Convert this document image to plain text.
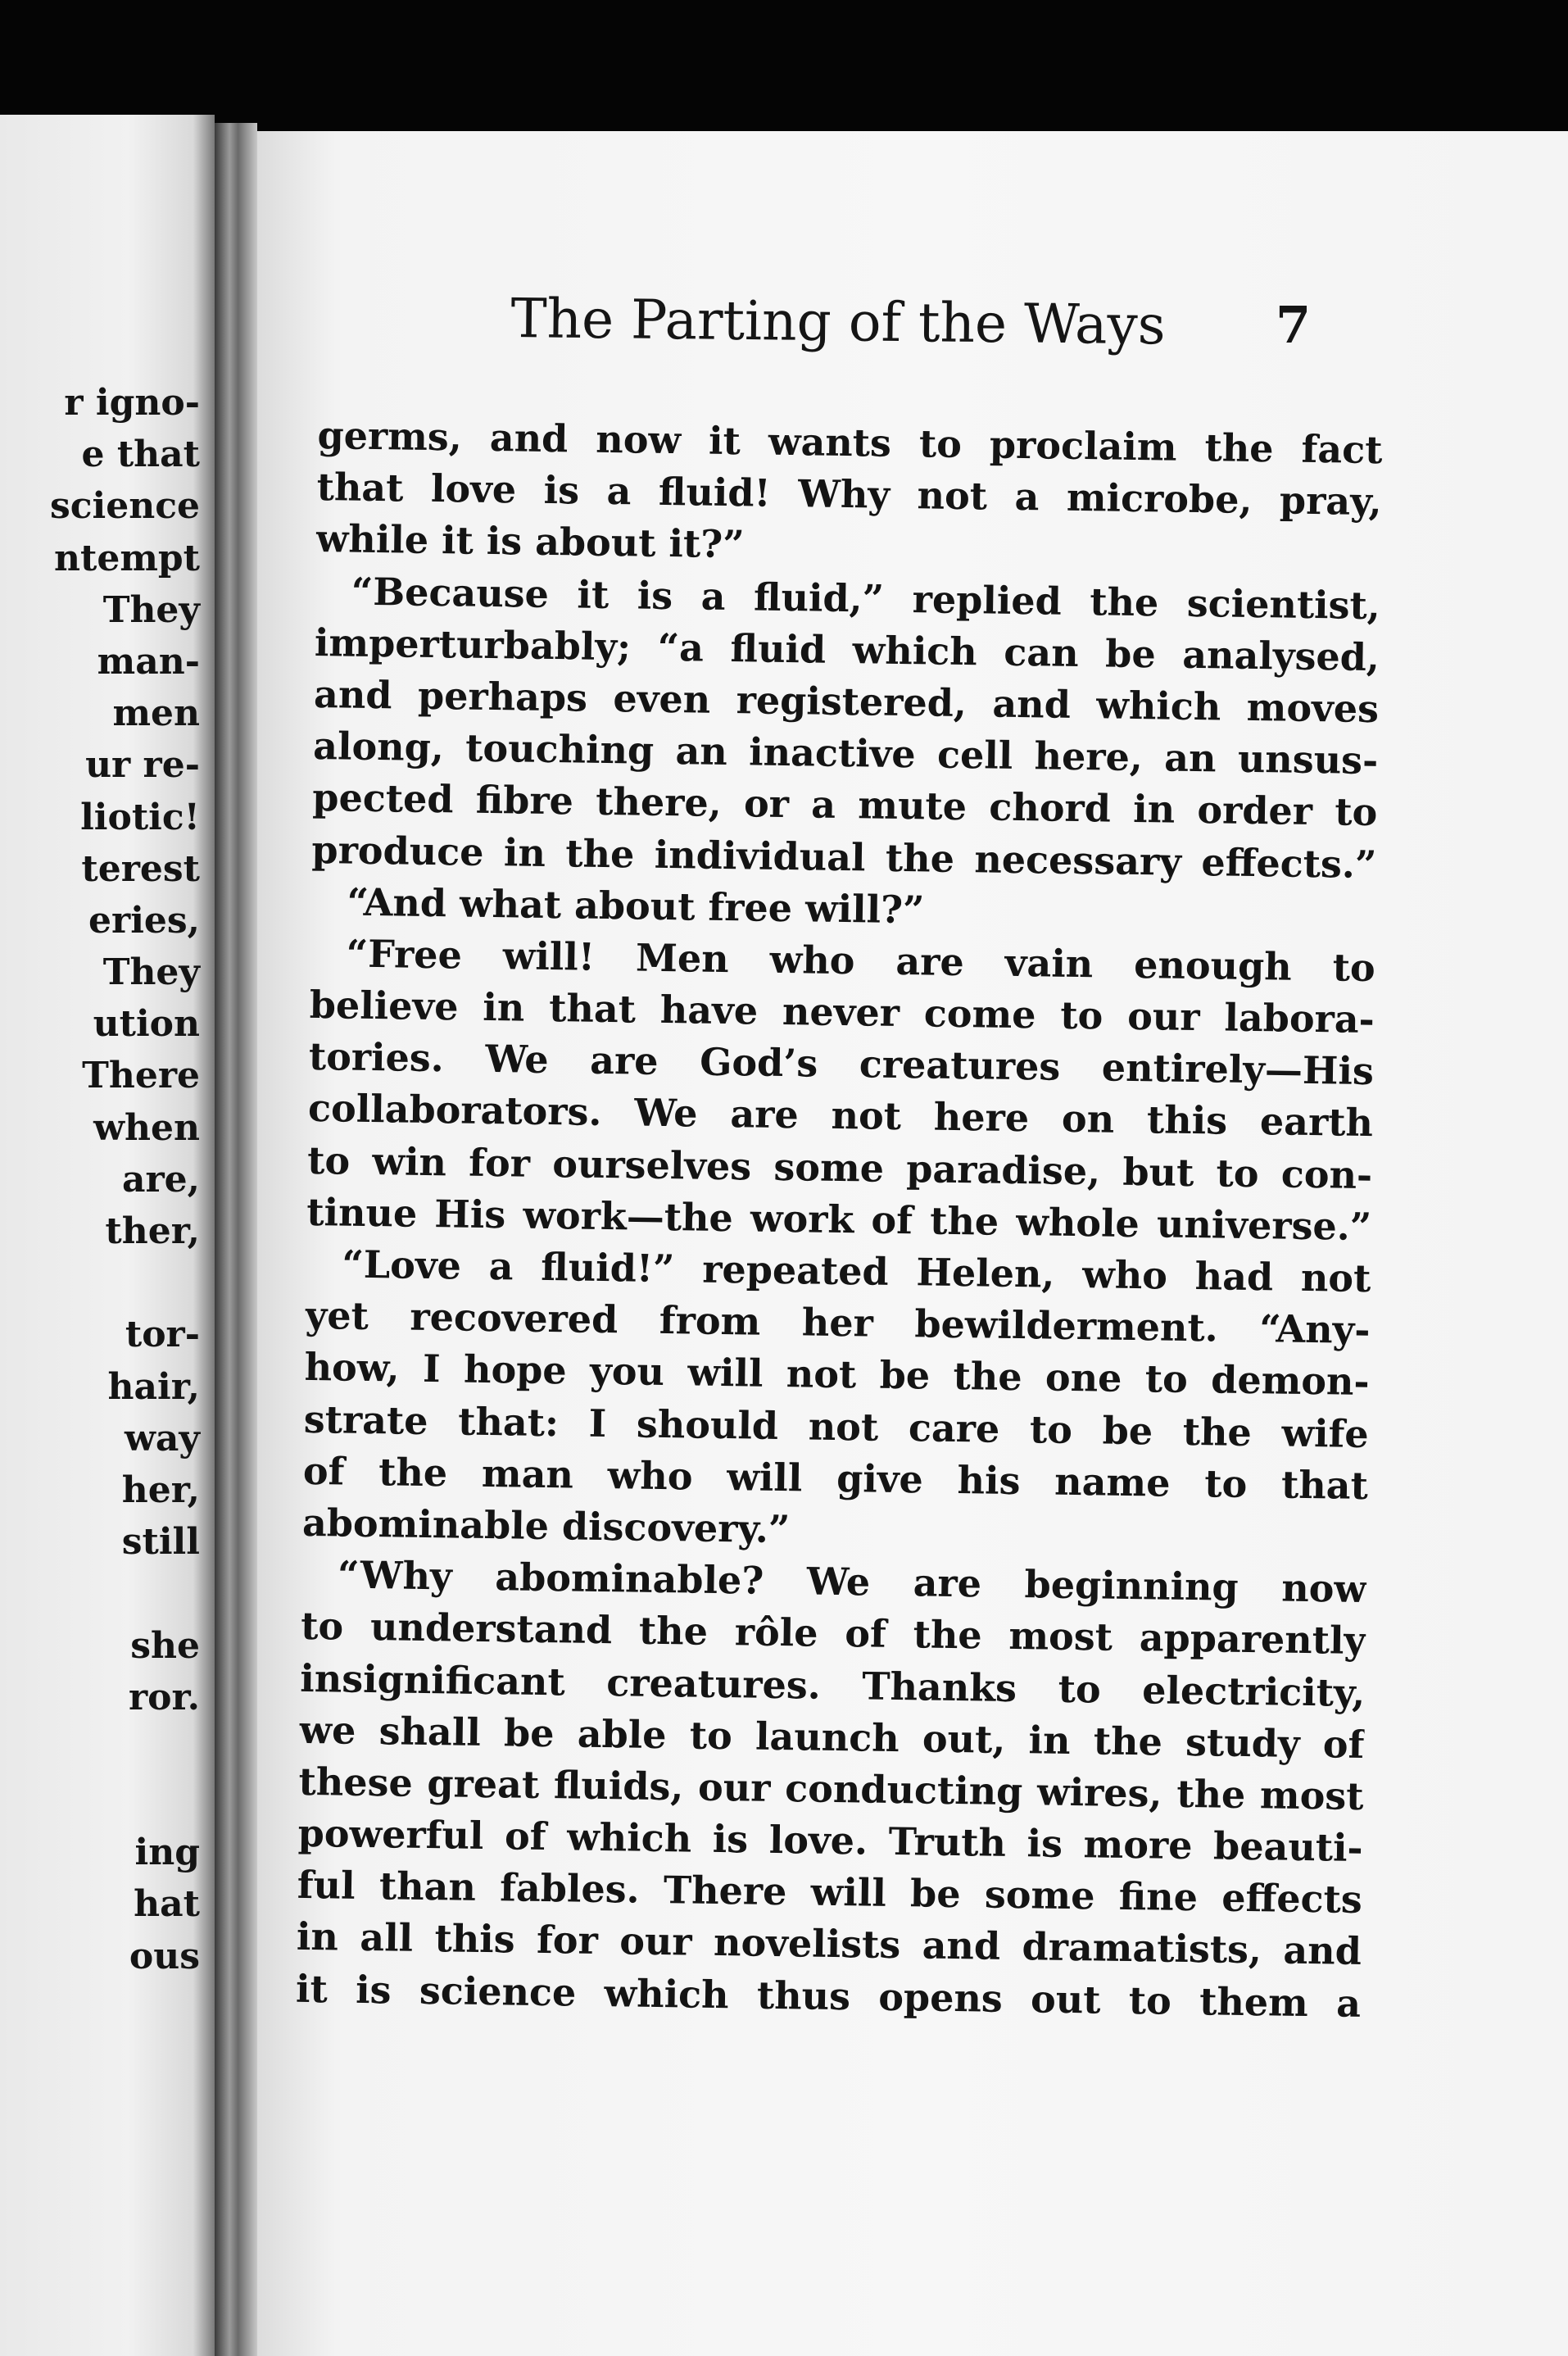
r igno-
e that
science
ntempt
They
man-
men
ur re-
liotic!
terest
eries,
They
ution
There
when
are,
ther,
tor-
hair,
way
her,
still
she
ror.
ing
hat
ous
The Parting of the Ways 7
germs, and now it wants to proclaim the fact
that love is a fluid! Why not a microbe, pray,
while it is about it?”
“Because it is a fluid,” replied the scientist,
imperturbably; “a fluid which can be analysed,
and perhaps even registered, and which moves
along, touching an inactive cell here, an unsus-
pected fibre there, or a mute chord in order to
produce in the individual the necessary effects.”
“And what about free will?”
“Free will! Men who are vain enough to
believe in that have never come to our labora-
tories. We are God’s creatures entirely—His
collaborators. We are not here on this earth
to win for ourselves some paradise, but to con-
tinue His work—the work of the whole universe.”
“Love a fluid!” repeated Helen, who had not
yet recovered from her bewilderment. “Any-
how, I hope you will not be the one to demon-
strate that: I should not care to be the wife
of the man who will give his name to that
abominable discovery.”
“Why abominable? We are beginning now
to understand the rôle of the most apparently
insignificant creatures. Thanks to electricity,
we shall be able to launch out, in the study of
these great fluids, our conducting wires, the most
powerful of which is love. Truth is more beauti-
ful than fables. There will be some fine effects
in all this for our novelists and dramatists, and
it is science which thus opens out to them a
